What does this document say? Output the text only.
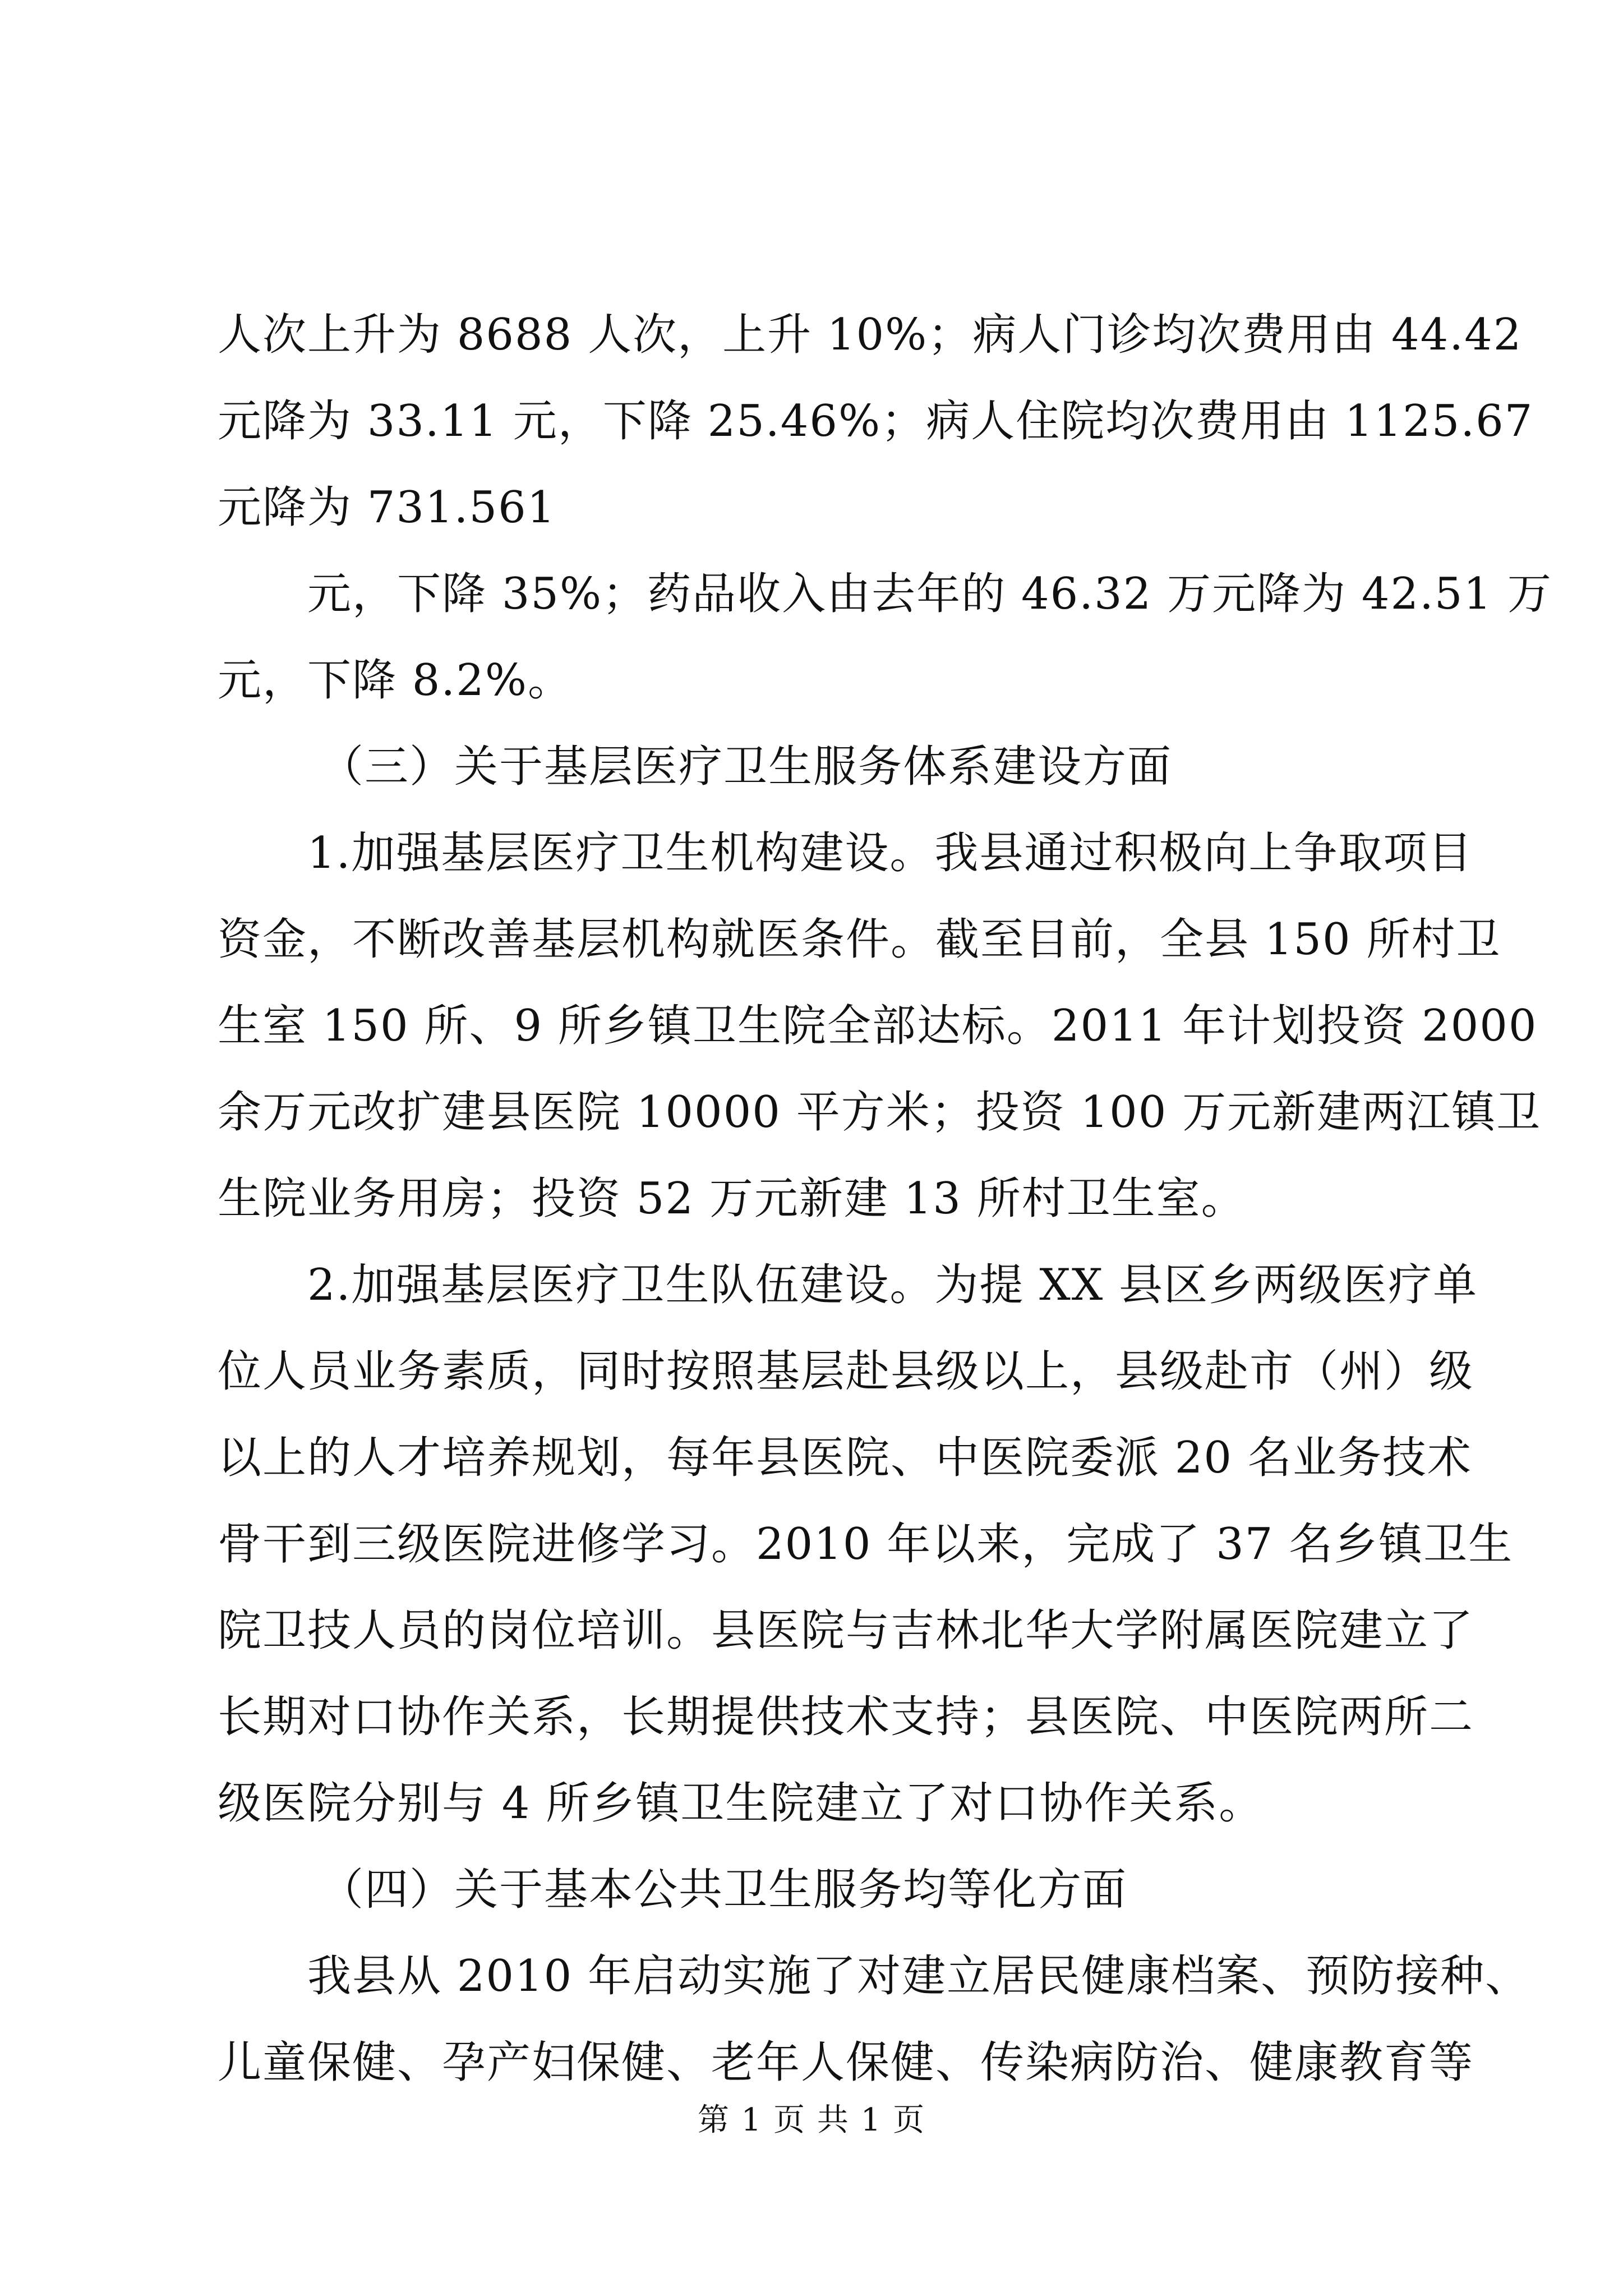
人次上升为 8688 人次，上升 10%；病人门诊均次费用由 44.42
元降为 33.11 元，下降 25.46%；病人住院均次费用由 1125.67
元降为 731.561
元，下降 35%；药品收入由去年的 46.32 万元降为 42.51 万
元，下降 8.2%。
（三）关于基层医疗卫生服务体系建设方面
1.加强基层医疗卫生机构建设。我县通过积极向上争取项目
资金，不断改善基层机构就医条件。截至目前，全县 150 所村卫
生室 150 所、9 所乡镇卫生院全部达标。2011 年计划投资 2000
余万元改扩建县医院 10000 平方米；投资 100 万元新建两江镇卫
生院业务用房；投资 52 万元新建 13 所村卫生室。
2.加强基层医疗卫生队伍建设。为提 XX 县区乡两级医疗单
位人员业务素质，同时按照基层赴县级以上，县级赴市（州）级
以上的人才培养规划，每年县医院、中医院委派 20 名业务技术
骨干到三级医院进修学习。2010 年以来，完成了 37 名乡镇卫生
院卫技人员的岗位培训。县医院与吉林北华大学附属医院建立了
长期对口协作关系，长期提供技术支持；县医院、中医院两所二
级医院分别与 4 所乡镇卫生院建立了对口协作关系。
（四）关于基本公共卫生服务均等化方面
我县从 2010 年启动实施了对建立居民健康档案、预防接种、
儿童保健、孕产妇保健、老年人保健、传染病防治、健康教育等
第 1 页 共 1 页
